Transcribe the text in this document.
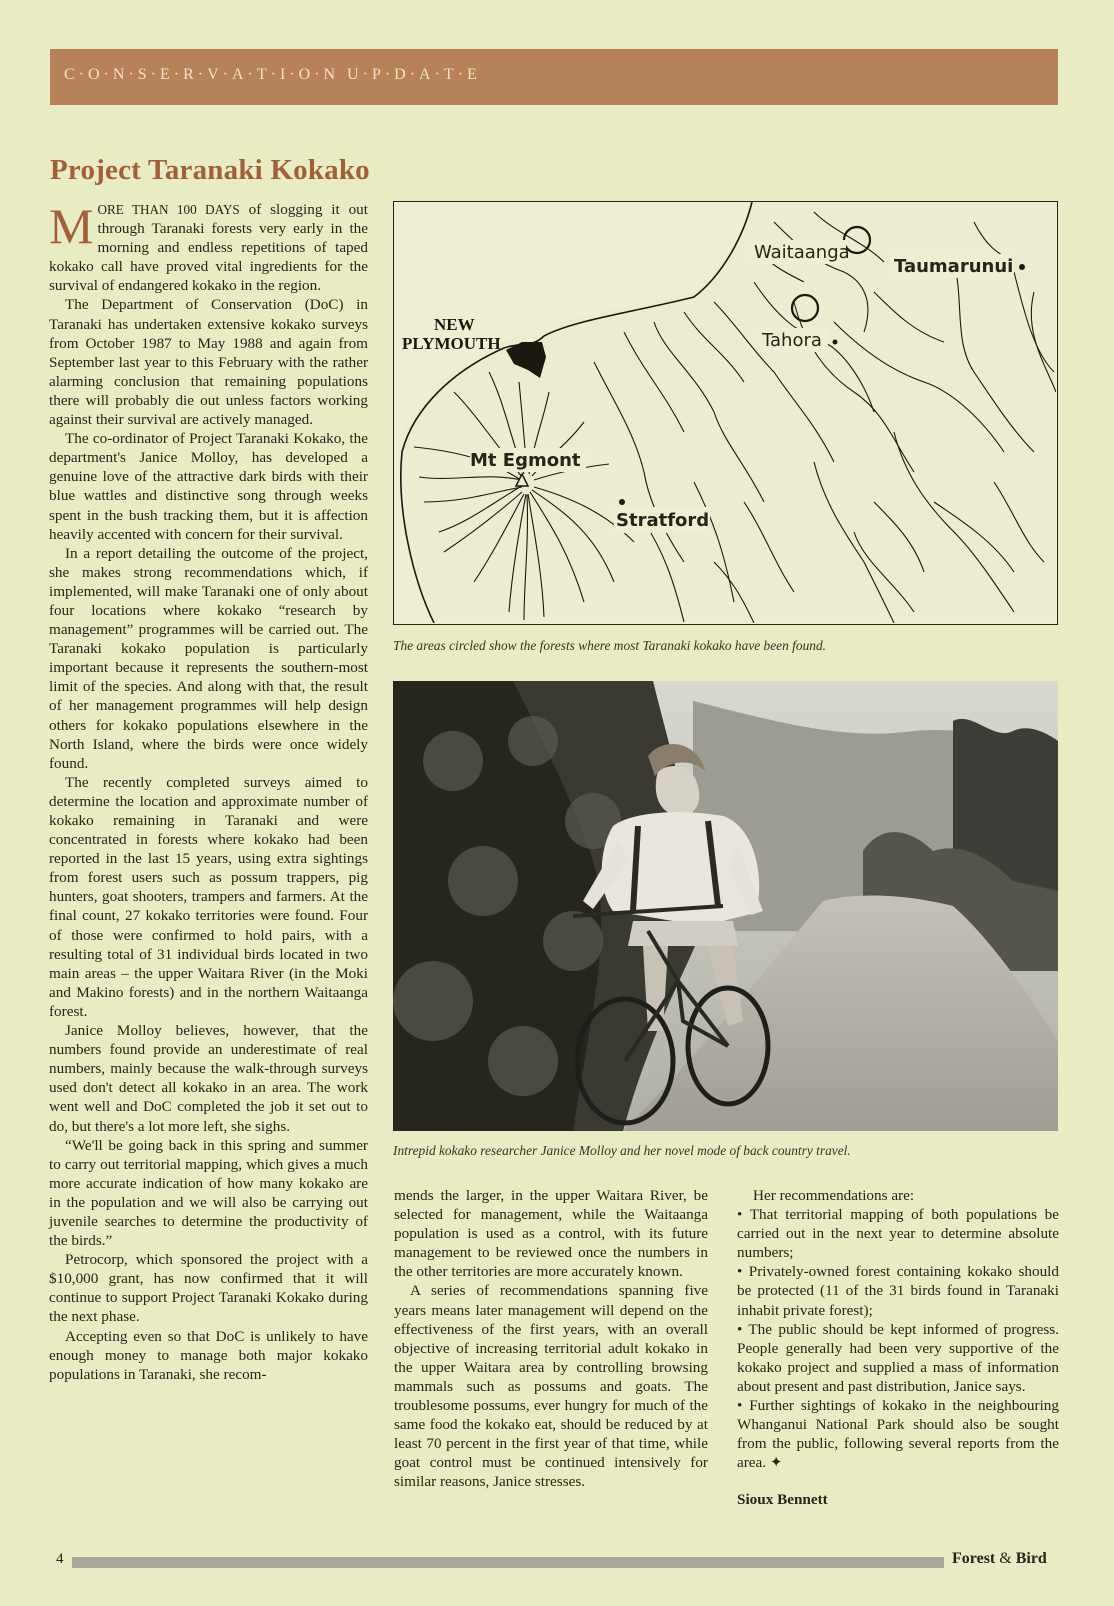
C·O·N·S·E·R·V·A·T·I·O·N U·P·D·A·T·E
Project Taranaki Kokako

MORE THAN 100 DAYS of slogging it out through Taranaki forests very early in the morning and endless repetitions of taped kokako call have proved vital ingredients for the survival of endangered kokako in the region.

The Department of Conservation (DoC) in Taranaki has undertaken extensive kokako surveys from October 1987 to May 1988 and again from September last year to this February with the rather alarming conclusion that remaining populations there will probably die out unless factors working against their survival are actively managed.

The co-ordinator of Project Taranaki Kokako, the department's Janice Molloy, has developed a genuine love of the attractive dark birds with their blue wattles and distinctive song through weeks spent in the bush tracking them, but it is affection heavily accented with concern for their survival.

In a report detailing the outcome of the project, she makes strong recommendations which, if implemented, will make Taranaki one of only about four locations where kokako “research by management” programmes will be carried out. The Taranaki kokako population is particularly important because it represents the southern-most limit of the species. And along with that, the result of her management programmes will help design others for kokako populations elsewhere in the North Island, where the birds were once widely found.

The recently completed surveys aimed to determine the location and approximate number of kokako remaining in Taranaki and were concentrated in forests where kokako had been reported in the last 15 years, using extra sightings from forest users such as possum trappers, pig hunters, goat shooters, trampers and farmers. At the final count, 27 kokako territories were found. Four of those were confirmed to hold pairs, with a resulting total of 31 individual birds located in two main areas – the upper Waitara River (in the Moki and Makino forests) and in the northern Waitaanga forest.

Janice Molloy believes, however, that the numbers found provide an underestimate of real numbers, mainly because the walk-through surveys used don't detect all kokako in an area. The work went well and DoC completed the job it set out to do, but there's a lot more left, she sighs.

“We'll be going back in this spring and summer to carry out territorial mapping, which gives a much more accurate indication of how many kokako are in the population and we will also be carrying out juvenile searches to determine the productivity of the birds.”

Petrocorp, which sponsored the project with a $10,000 grant, has now confirmed that it will continue to support Project Taranaki Kokako during the next phase.

Accepting even so that DoC is unlikely to have enough money to manage both major kokako populations in Taranaki, she recom-

NEW
PLYMOUTH
Mt Egmont
Stratford
Waitaanga
Taumarunui
Tahora
The areas circled show the forests where most Taranaki kokako have been found.
Intrepid kokako researcher Janice Molloy and her novel mode of back country travel.

mends the larger, in the upper Waitara River, be selected for management, while the Waitaanga population is used as a control, with its future management to be reviewed once the numbers in the other territories are more accurately known.

A series of recommendations spanning five years means later management will depend on the effectiveness of the first years, with an overall objective of increasing territorial adult kokako in the upper Waitara area by controlling browsing mammals such as possums and goats. The troublesome possums, ever hungry for much of the same food the kokako eat, should be reduced by at least 70 percent in the first year of that time, while goat control must be continued intensively for similar reasons, Janice stresses.

Her recommendations are:

• That territorial mapping of both populations be carried out in the next year to determine absolute numbers;

• Privately-owned forest containing kokako should be protected (11 of the 31 birds found in Taranaki inhabit private forest);

• The public should be kept informed of progress. People generally had been very supportive of the kokako project and supplied a mass of information about present and past distribution, Janice says.

• Further sightings of kokako in the neighbouring Whanganui National Park should also be sought from the public, following several reports from the area. ✦

Sioux Bennett

4	Forest & Bird
